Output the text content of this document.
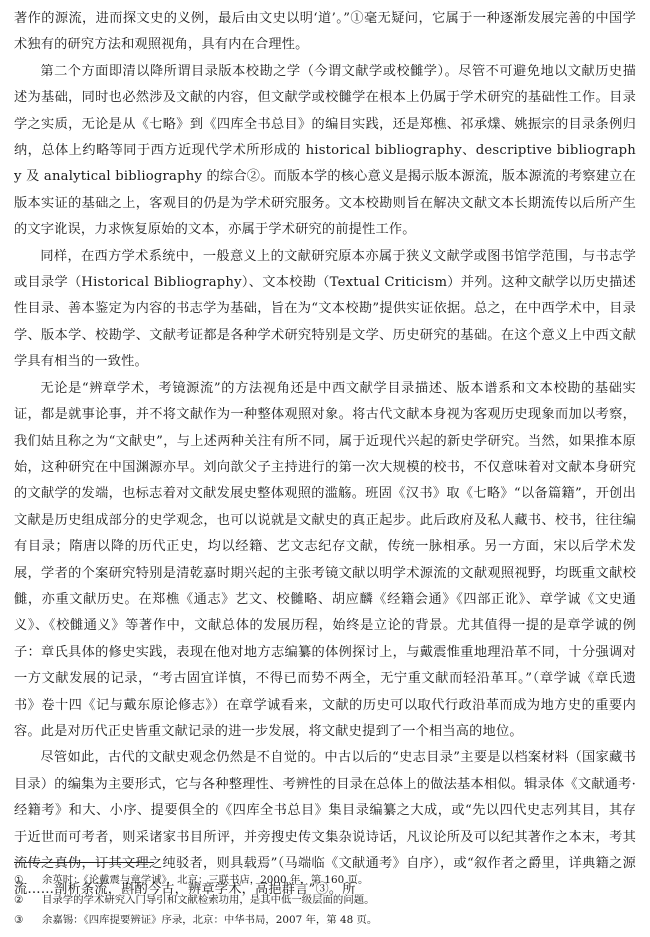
著作的源流，进而探文史的义例，最后由文史以明‘道’。”①毫无疑问，它属于一种逐渐发展完善的中国学术独有的研究方法和观照视角，具有内在合理性。

第二个方面即清以降所谓目录版本校勘之学（今谓文献学或校雠学）。尽管不可避免地以文献历史描述为基础，同时也必然涉及文献的内容，但文献学或校雠学在根本上仍属于学术研究的基础性工作。目录学之实质，无论是从《七略》到《四库全书总目》的编目实践，还是郑樵、祁承㸁、姚振宗的目录条例归纳，总体上约略等同于西方近现代学术所形成的 historical bibliography、descriptive bibliography 及 analytical bibliography 的综合②。而版本学的核心意义是揭示版本源流，版本源流的考察建立在版本实证的基础之上，客观目的仍是为学术研究服务。文本校勘则旨在解决文献文本长期流传以后所产生的文字讹误，力求恢复原始的文本，亦属于学术研究的前提性工作。

同样，在西方学术系统中，一般意义上的文献研究原本亦属于狭义文献学或图书馆学范围，与书志学或目录学（Historical Bibliography）、文本校勘（Textual Criticism）并列。这种文献学以历史描述性目录、善本鉴定为内容的书志学为基础，旨在为“文本校勘”提供实证依据。总之，在中西学术中，目录学、版本学、校勘学、文献考证都是各种学术研究特别是文学、历史研究的基础。在这个意义上中西文献学具有相当的一致性。

无论是“辨章学术，考镜源流”的方法视角还是中西文献学目录描述、版本谱系和文本校勘的基础实证，都是就事论事，并不将文献作为一种整体观照对象。将古代文献本身视为客观历史现象而加以考察，我们姑且称之为“文献史”，与上述两种关注有所不同，属于近现代兴起的新史学研究。当然，如果推本原始，这种研究在中国渊源亦早。刘向歆父子主持进行的第一次大规模的校书，不仅意味着对文献本身研究的文献学的发端，也标志着对文献发展史整体观照的滥觞。班固《汉书》取《七略》“以备篇籍”，开创出文献是历史组成部分的史学观念，也可以说就是文献史的真正起步。此后政府及私人藏书、校书，往往编有目录；隋唐以降的历代正史，均以经籍、艺文志纪存文献，传统一脉相承。另一方面，宋以后学术发展，学者的个案研究特别是清乾嘉时期兴起的主张考镜文献以明学术源流的文献观照视野，均既重文献校雠，亦重文献历史。在郑樵《通志》艺文、校雠略、胡应麟《经籍会通》《四部正讹》、章学诚《文史通义》、《校雠通义》等著作中，文献总体的发展历程，始终是立论的背景。尤其值得一提的是章学诚的例子：章氏具体的修史实践，表现在他对地方志编纂的体例探讨上，与戴震惟重地理沿革不同，十分强调对一方文献发展的记录，“考古固宜详慎，不得已而势不两全，无宁重文献而轻沿革耳。”（章学诚《章氏遗书》卷十四《记与戴东原论修志》）在章学诚看来，文献的历史可以取代行政沿革而成为地方史的重要内容。此是对历代正史皆重文献记录的进一步发展，将文献史提到了一个相当高的地位。

尽管如此，古代的文献史观念仍然是不自觉的。中古以后的“史志目录”主要是以档案材料（国家藏书目录）的编集为主要形式，它与各种整理性、考辨性的目录在总体上的做法基本相似。辑录体《文献通考·经籍考》和大、小序、提要俱全的《四库全书总目》集目录编纂之大成，或“先以四代史志列其目，其存于近世而可考者，则采诸家书目所评，并旁搜史传文集杂说诗话，凡议论所及可以纪其著作之本末，考其流传之真伪，订其文理之纯驳者，则具载焉”（马端临《文献通考》自序），或“叙作者之爵里，详典籍之源流……剖析条流，斟酌今古，辨章学术，高挹群言”③。所

①	余英时：《论戴震与章学诚》，北京：三联书店，2000 年，第 160 页。

②	目录学的学术研究入门导引和文献检索功用，是其中低一级层面的问题。

③	余嘉锡：《四库提要辨证》序录，北京：中华书局，2007 年，第 48 页。
